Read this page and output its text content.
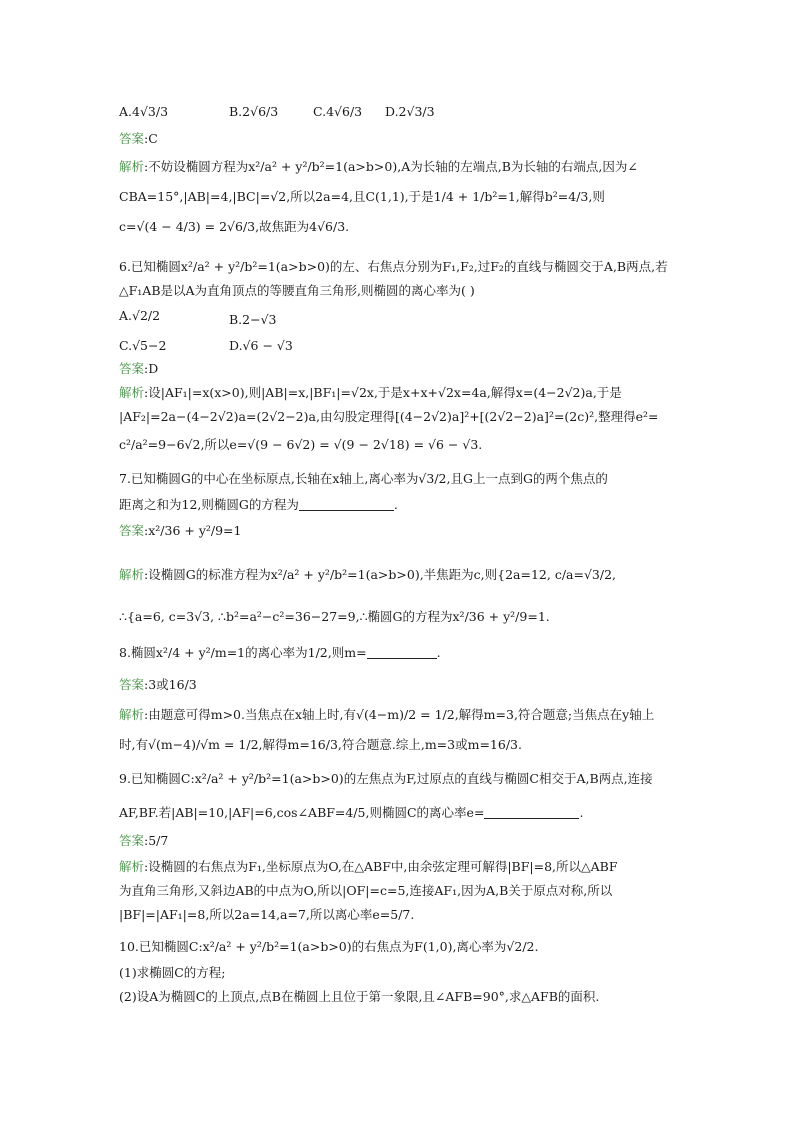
A.4√3/3	B.2√6/3	C.4√6/3 D.2√3/3
答案:C
解析:不妨设椭圆方程为x²/a² + y²/b²=1(a>b>0),A为长轴的左端点,B为长轴的右端点,因为∠
CBA=15°,|AB|=4,|BC|=√2,所以2a=4,且C(1,1),于是1/4 + 1/b²=1,解得b²=4/3,则
c=√(4 − 4/3) = 2√6/3,故焦距为4√6/3.
6.已知椭圆x²/a² + y²/b²=1(a>b>0)的左、右焦点分别为F₁,F₂,过F₂的直线与椭圆交于A,B两点,若
△F₁AB是以A为直角顶点的等腰直角三角形,则椭圆的离心率为( )
A.√2/2	B.2−√3
C.√5−2	D.√6 − √3
答案:D
解析:设|AF₁|=x(x>0),则|AB|=x,|BF₁|=√2x,于是x+x+√2x=4a,解得x=(4−2√2)a,于是
|AF₂|=2a−(4−2√2)a=(2√2−2)a,由勾股定理得[(4−2√2)a]²+[(2√2−2)a]²=(2c)²,整理得e²=
c²/a²=9−6√2,所以e=√(9 − 6√2) = √(9 − 2√18) = √6 − √3.
7.已知椭圆G的中心在坐标原点,长轴在x轴上,离心率为√3/2,且G上一点到G的两个焦点的
距离之和为12,则椭圆G的方程为	.
答案:x²/36 + y²/9=1
解析:设椭圆G的标准方程为x²/a² + y²/b²=1(a>b>0),半焦距为c,则{2a=12, c/a=√3/2,
∴{a=6, c=3√3, ∴b²=a²−c²=36−27=9,∴椭圆G的方程为x²/36 + y²/9=1.
8.椭圆x²/4 + y²/m=1的离心率为1/2,则m=	.
答案:3或16/3
解析:由题意可得m>0.当焦点在x轴上时,有√(4−m)/2 = 1/2,解得m=3,符合题意;当焦点在y轴上
时,有√(m−4)/√m = 1/2,解得m=16/3,符合题意.综上,m=3或m=16/3.
9.已知椭圆C:x²/a² + y²/b²=1(a>b>0)的左焦点为F,过原点的直线与椭圆C相交于A,B两点,连接
AF,BF.若|AB|=10,|AF|=6,cos∠ABF=4/5,则椭圆C的离心率e=	.
答案:5/7
解析:设椭圆的右焦点为F₁,坐标原点为O,在△ABF中,由余弦定理可解得|BF|=8,所以△ABF
为直角三角形,又斜边AB的中点为O,所以|OF|=c=5,连接AF₁,因为A,B关于原点对称,所以
|BF|=|AF₁|=8,所以2a=14,a=7,所以离心率e=5/7.
10.已知椭圆C:x²/a² + y²/b²=1(a>b>0)的右焦点为F(1,0),离心率为√2/2.
(1)求椭圆C的方程;
(2)设A为椭圆C的上顶点,点B在椭圆上且位于第一象限,且∠AFB=90°,求△AFB的面积.
